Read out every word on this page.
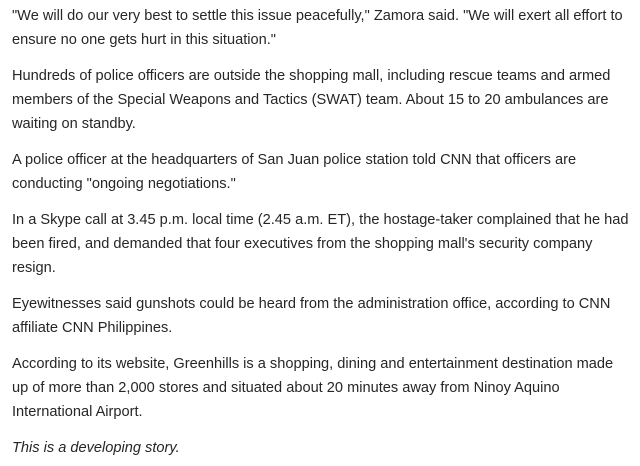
"We will do our very best to settle this issue peacefully," Zamora said. "We will exert all effort to ensure no one gets hurt in this situation."

Hundreds of police officers are outside the shopping mall, including rescue teams and armed members of the Special Weapons and Tactics (SWAT) team. About 15 to 20 ambulances are waiting on standby.

A police officer at the headquarters of San Juan police station told CNN that officers are conducting "ongoing negotiations."

In a Skype call at 3.45 p.m. local time (2.45 a.m. ET), the hostage-taker complained that he had been fired, and demanded that four executives from the shopping mall's security company resign.

Eyewitnesses said gunshots could be heard from the administration office, according to CNN affiliate CNN Philippines.

According to its website, Greenhills is a shopping, dining and entertainment destination made up of more than 2,000 stores and situated about 20 minutes away from Ninoy Aquino International Airport.

This is a developing story.
